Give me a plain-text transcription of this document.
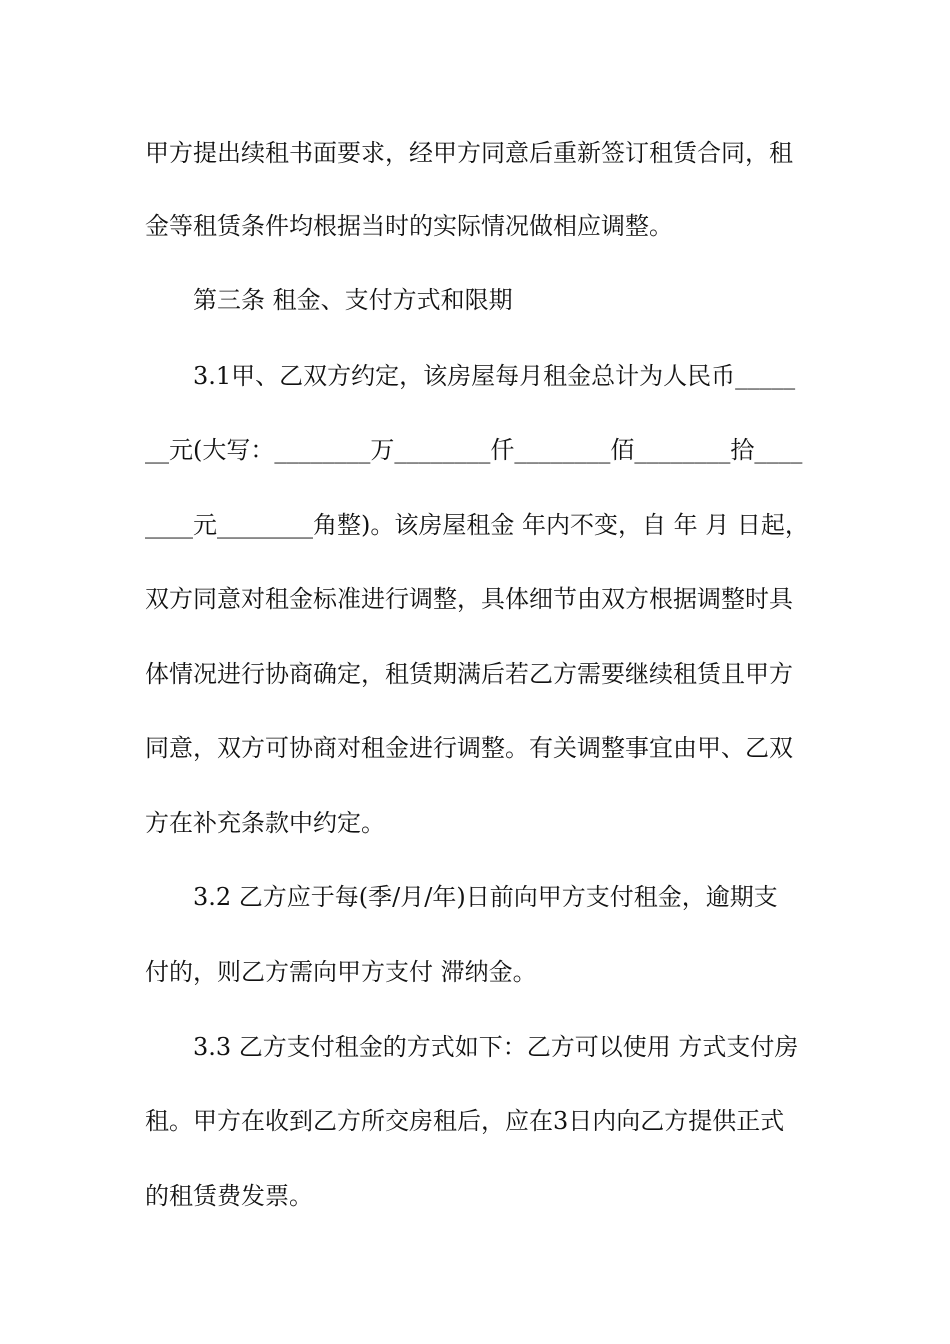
甲方提出续租书面要求，经甲方同意后重新签订租赁合同，租
金等租赁条件均根据当时的实际情况做相应调整。
第三条 租金、支付方式和限期
3.1甲、乙双方约定，该房屋每月租金总计为人民币_____
__元(大写：________万________仟________佰________拾____
____元________角整)。该房屋租金 年内不变，自 年 月 日起，
双方同意对租金标准进行调整，具体细节由双方根据调整时具
体情况进行协商确定，租赁期满后若乙方需要继续租赁且甲方
同意，双方可协商对租金进行调整。有关调整事宜由甲、乙双
方在补充条款中约定。
3.2 乙方应于每(季/月/年)日前向甲方支付租金，逾期支
付的，则乙方需向甲方支付 滞纳金。
3.3 乙方支付租金的方式如下：乙方可以使用 方式支付房
租。甲方在收到乙方所交房租后，应在3日内向乙方提供正式
的租赁费发票。
